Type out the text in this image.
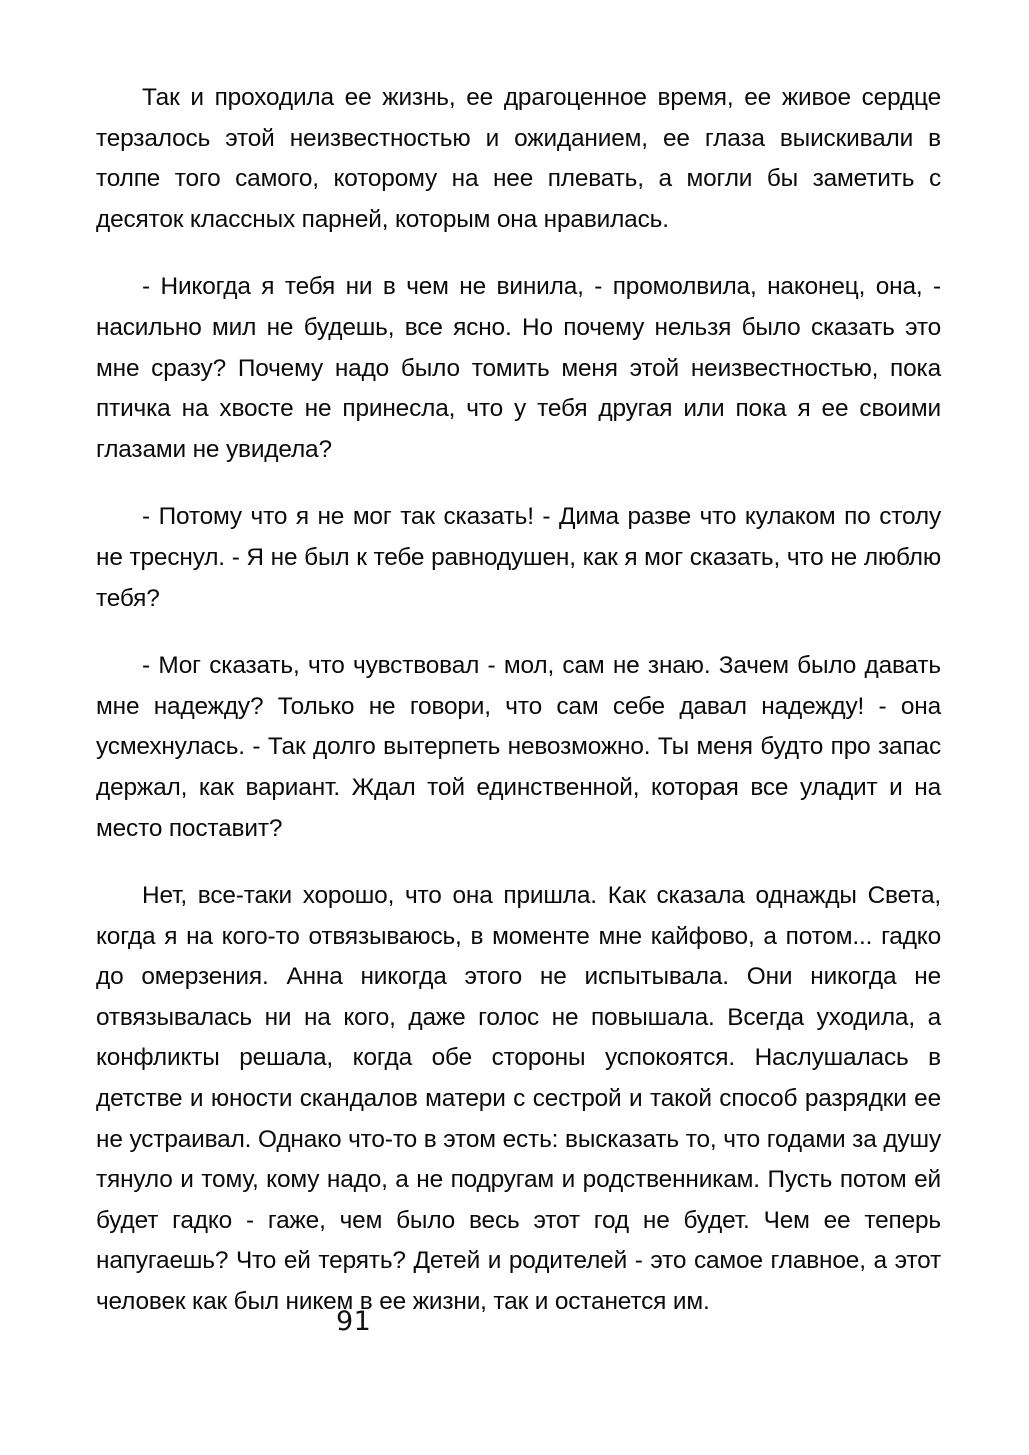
Так и проходила ее жизнь, ее драгоценное время, ее живое сердце терзалось этой неизвестностью и ожиданием, ее глаза выискивали в толпе того самого, которому на нее плевать, а могли бы заметить с десяток классных парней, которым она нравилась.

- Никогда я тебя ни в чем не винила, - промолвила, наконец, она, - насильно мил не будешь, все ясно. Но почему нельзя было сказать это мне сразу? Почему надо было томить меня этой неизвестностью, пока птичка на хвосте не принесла, что у тебя другая или пока я ее своими глазами не увидела?

- Потому что я не мог так сказать! - Дима разве что кулаком по столу не треснул. - Я не был к тебе равнодушен, как я мог сказать, что не люблю тебя?

- Мог сказать, что чувствовал - мол, сам не знаю. Зачем было давать мне надежду? Только не говори, что сам себе давал надежду! - она усмехнулась. - Так долго вытерпеть невозможно. Ты меня будто про запас держал, как вариант. Ждал той единственной, которая все уладит и на место поставит?

Нет, все-таки хорошо, что она пришла. Как сказала однажды Света, когда я на кого-то отвязываюсь, в моменте мне кайфово, а потом... гадко до омерзения. Анна никогда этого не испытывала. Они никогда не отвязывалась ни на кого, даже голос не повышала. Всегда уходила, а конфликты решала, когда обе стороны успокоятся. Наслушалась в детстве и юности скандалов матери с сестрой и такой способ разрядки ее не устраивал. Однако что-то в этом есть: высказать то, что годами за душу тянуло и тому, кому надо, а не подругам и родственникам. Пусть потом ей будет гадко - гаже, чем было весь этот год не будет. Чем ее теперь напугаешь? Что ей терять? Детей и родителей - это самое главное, а этот человек как был никем в ее жизни, так и останется им.

91
